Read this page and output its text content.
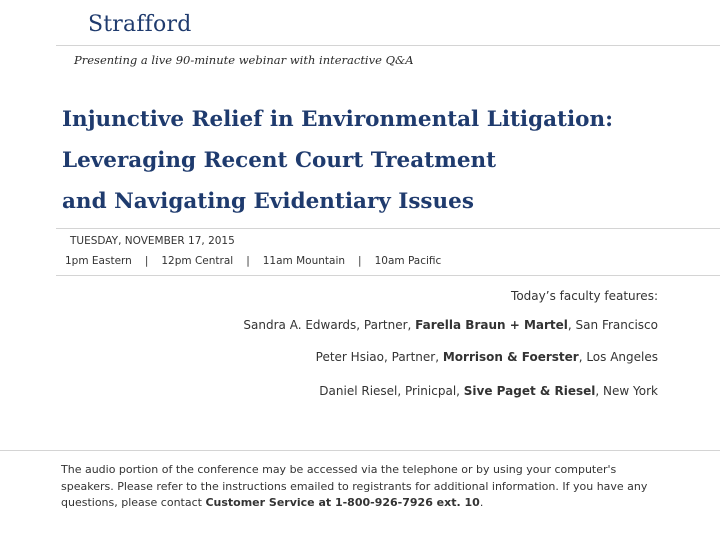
Strafford
Presenting a live 90-minute webinar with interactive Q&A
Injunctive Relief in Environmental Litigation:
Leveraging Recent Court Treatment
and Navigating Evidentiary Issues
TUESDAY, NOVEMBER 17, 2015
1pm Eastern | 12pm Central | 11am Mountain | 10am Pacific
Today’s faculty features:
Sandra A. Edwards, Partner, Farella Braun + Martel, San Francisco
Peter Hsiao, Partner, Morrison & Foerster, Los Angeles
Daniel Riesel, Prinicpal, Sive Paget & Riesel, New York

The audio portion of the conference may be accessed via the telephone or by using your computer's speakers. Please refer to the instructions emailed to registrants for additional information. If you have any questions, please contact Customer Service at 1-800-926-7926 ext. 10.
